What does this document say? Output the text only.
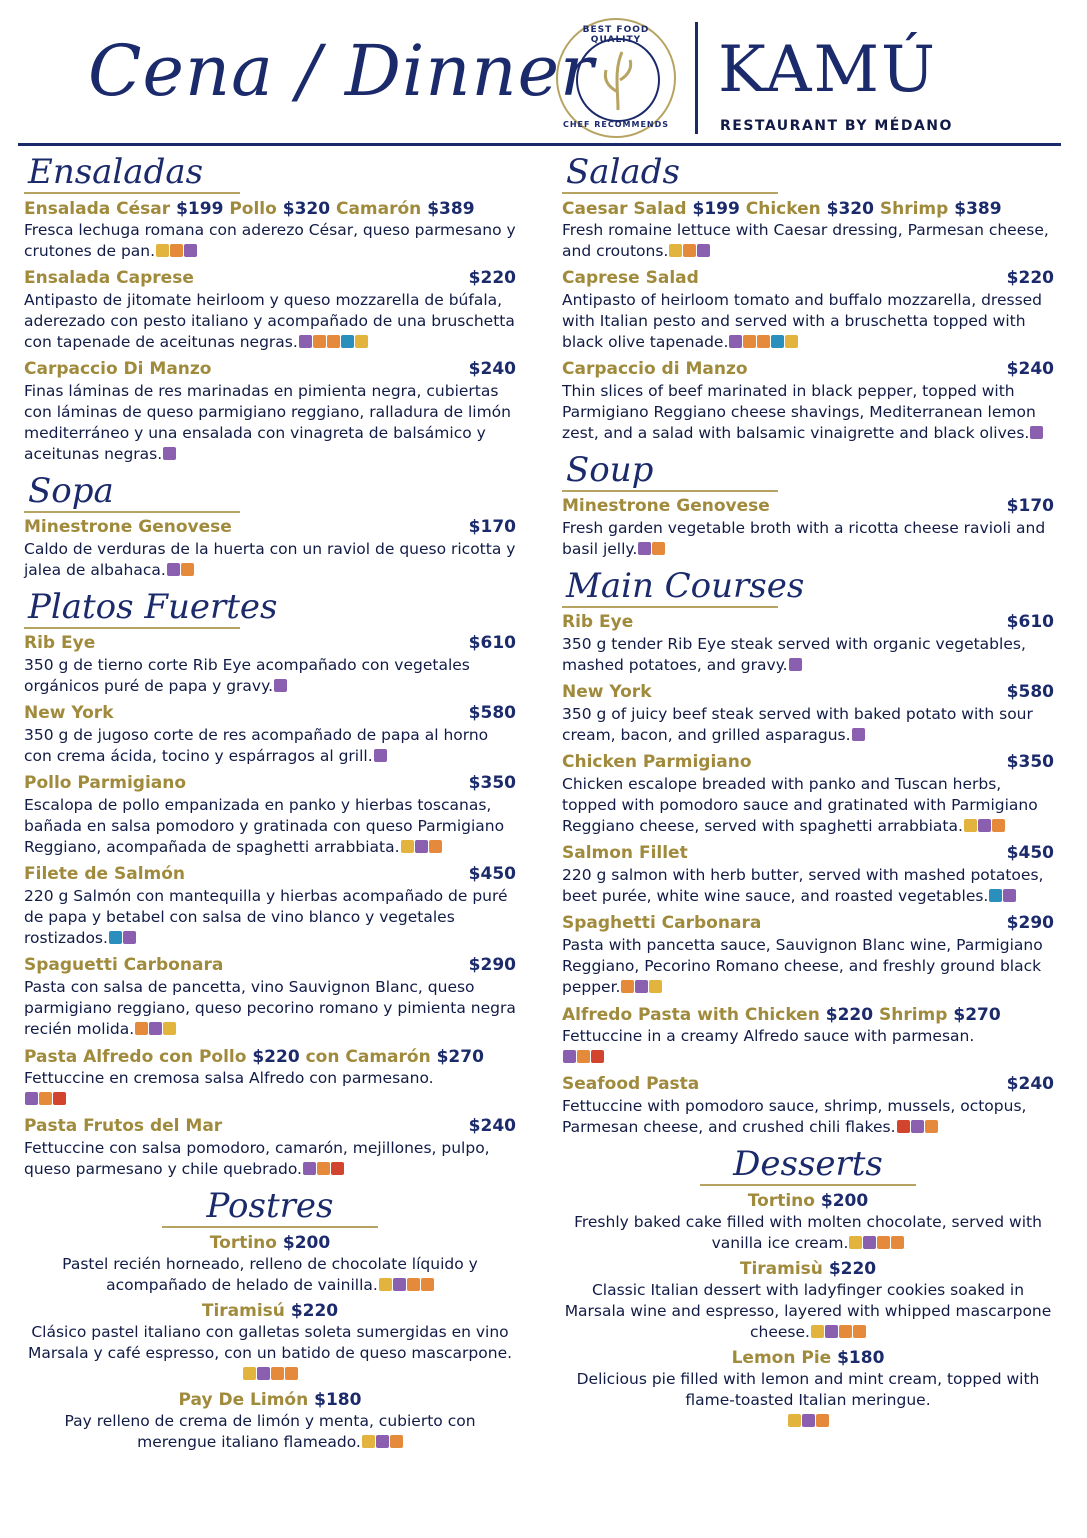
Cena / Dinner
BEST FOOD QUALITY
CHEF RECOMMENDS
KAMÚ
RESTAURANT BY MÉDANO
Ensaladas
Ensalada César $199 Pollo $320 Camarón $389
Fresca lechuga romana con aderezo César, queso parmesano y crutones de pan.
Ensalada Caprese	$220
Antipasto de jitomate heirloom y queso mozzarella de búfala, aderezado con pesto italiano y acompañado de una bruschetta con tapenade de aceitunas negras.
Carpaccio Di Manzo	$240
Finas láminas de res marinadas en pimienta negra, cubiertas con láminas de queso parmigiano reggiano, ralladura de limón mediterráneo y una ensalada con vinagreta de balsámico y aceitunas negras.
Sopa
Minestrone Genovese	$170
Caldo de verduras de la huerta con un raviol de queso ricotta y jalea de albahaca.
Platos Fuertes
Rib Eye	$610
350 g de tierno corte Rib Eye acompañado con vegetales orgánicos puré de papa y gravy.
New York	$580
350 g de jugoso corte de res acompañado de papa al horno con crema ácida, tocino y espárragos al grill.
Pollo Parmigiano	$350
Escalopa de pollo empanizada en panko y hierbas toscanas, bañada en salsa pomodoro y gratinada con queso Parmigiano Reggiano, acompañada de spaghetti arrabbiata.
Filete de Salmón	$450
220 g Salmón con mantequilla y hierbas acompañado de puré de papa y betabel con salsa de vino blanco y vegetales rostizados.
Spaguetti Carbonara	$290
Pasta con salsa de pancetta, vino Sauvignon Blanc, queso parmigiano reggiano, queso pecorino romano y pimienta negra recién molida.
Pasta Alfredo con Pollo $220 con Camarón $270
Fettuccine en cremosa salsa Alfredo con parmesano.

Pasta Frutos del Mar	$240
Fettuccine con salsa pomodoro, camarón, mejillones, pulpo, queso parmesano y chile quebrado.
Postres
Tortino $200
Pastel recién horneado, relleno de chocolate líquido y acompañado de helado de vainilla.
Tiramisú $220
Clásico pastel italiano con galletas soleta sumergidas en vino Marsala y café espresso, con un batido de queso mascarpone.
Pay De Limón $180
Pay relleno de crema de limón y menta, cubierto con merengue italiano flameado.
Salads
Caesar Salad $199 Chicken $320 Shrimp $389
Fresh romaine lettuce with Caesar dressing, Parmesan cheese, and croutons.
Caprese Salad	$220
Antipasto of heirloom tomato and buffalo mozzarella, dressed with Italian pesto and served with a bruschetta topped with black olive tapenade.
Carpaccio di Manzo	$240
Thin slices of beef marinated in black pepper, topped with Parmigiano Reggiano cheese shavings, Mediterranean lemon zest, and a salad with balsamic vinaigrette and black olives.
Soup
Minestrone Genovese	$170
Fresh garden vegetable broth with a ricotta cheese ravioli and basil jelly.
Main Courses
Rib Eye	$610
350 g tender Rib Eye steak served with organic vegetables, mashed potatoes, and gravy.
New York	$580
350 g of juicy beef steak served with baked potato with sour cream, bacon, and grilled asparagus.
Chicken Parmigiano	$350
Chicken escalope breaded with panko and Tuscan herbs, topped with pomodoro sauce and gratinated with Parmigiano Reggiano cheese, served with spaghetti arrabbiata.
Salmon Fillet	$450
220 g salmon with herb butter, served with mashed potatoes, beet purée, white wine sauce, and roasted vegetables.
Spaghetti Carbonara	$290
Pasta with pancetta sauce, Sauvignon Blanc wine, Parmigiano Reggiano, Pecorino Romano cheese, and freshly ground black pepper.
Alfredo Pasta with Chicken $220 Shrimp $270
Fettuccine in a creamy Alfredo sauce with parmesan.

Seafood Pasta	$240
Fettuccine with pomodoro sauce, shrimp, mussels, octopus, Parmesan cheese, and crushed chili flakes.
Desserts
Tortino $200
Freshly baked cake filled with molten chocolate, served with vanilla ice cream.
Tiramisù $220
Classic Italian dessert with ladyfinger cookies soaked in Marsala wine and espresso, layered with whipped mascarpone cheese.
Lemon Pie $180
Delicious pie filled with lemon and mint cream, topped with flame-toasted Italian meringue.
